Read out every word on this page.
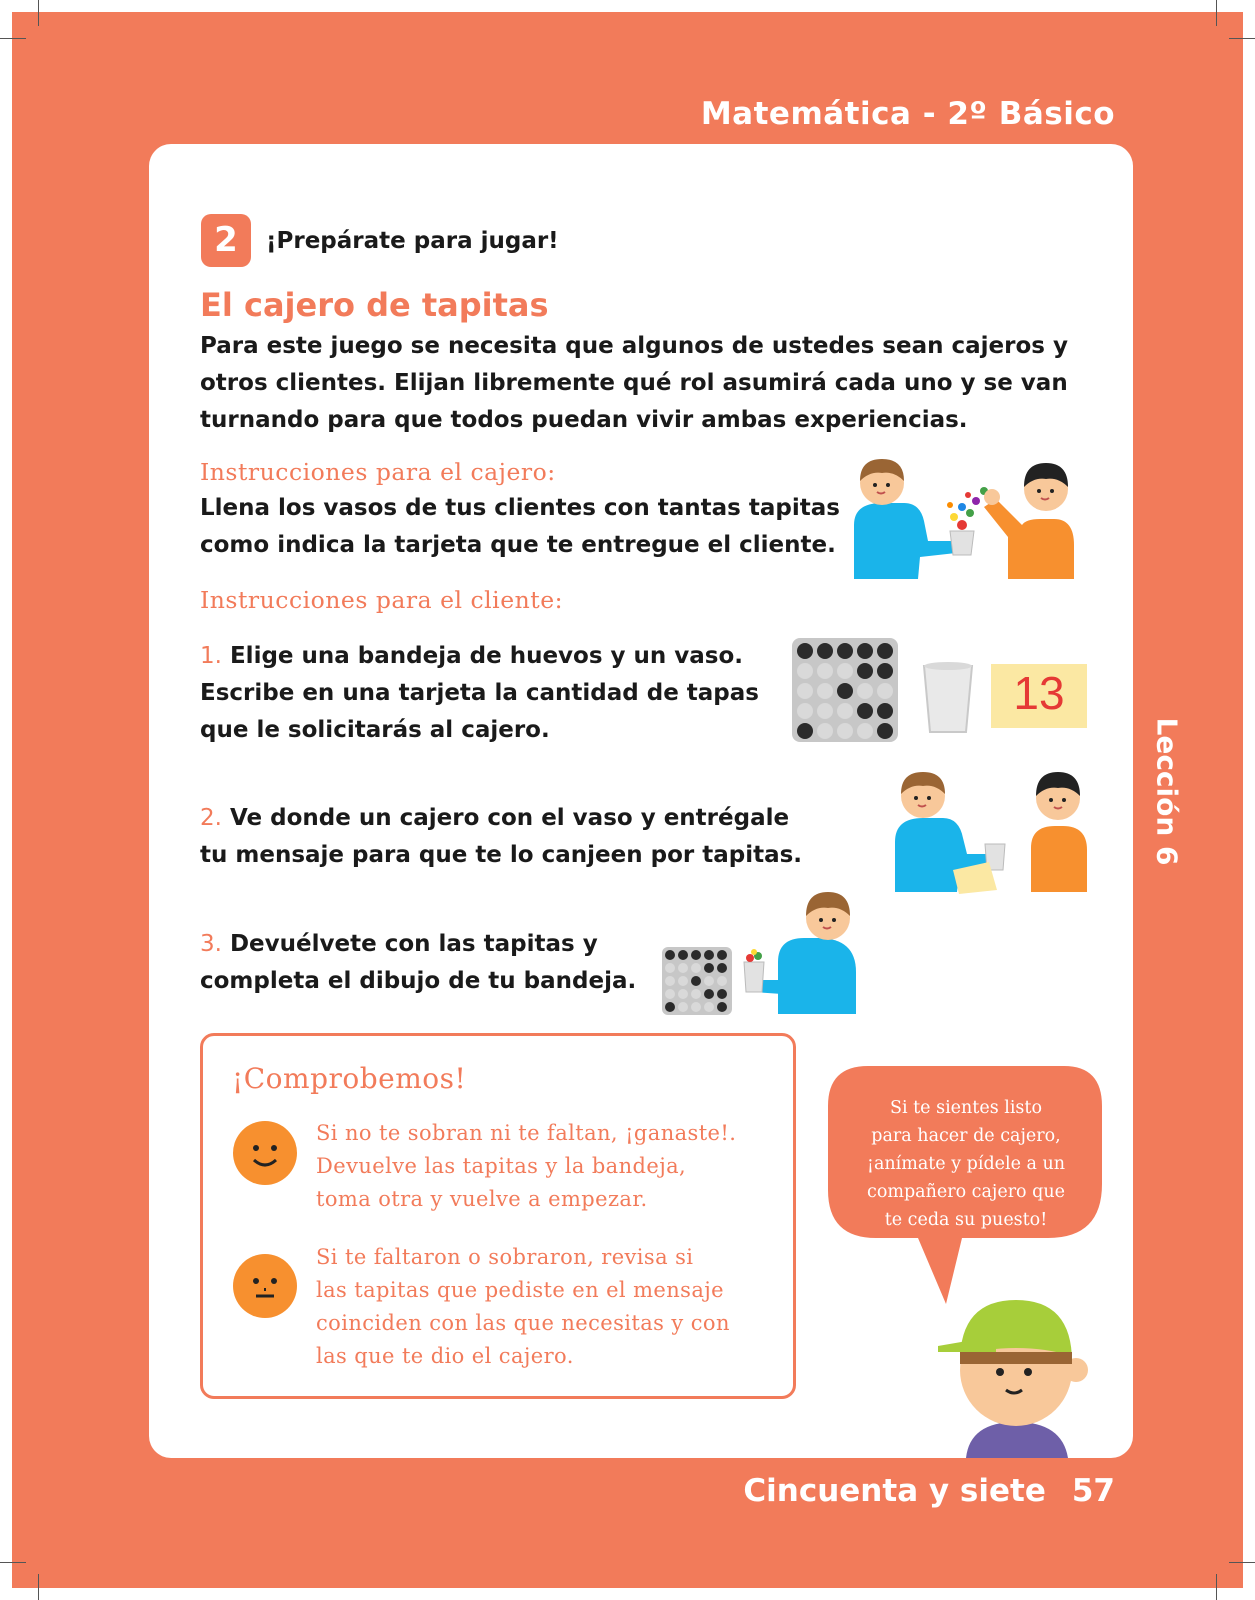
Matemática - 2º Básico
Lección 6
2	¡Prepárate para jugar!
El cajero de tapitas
Para este juego se necesita que algunos de ustedes sean cajeros y otros clientes. Elijan libremente qué rol asumirá cada uno y se van turnando para que todos puedan vivir ambas experiencias.
Instrucciones para el cajero:
Llena los vasos de tus clientes con tantas tapitas
como indica la tarjeta que te entregue el cliente.
Instrucciones para el cliente:
1. Elige una bandeja de huevos y un vaso.
Escribe en una tarjeta la cantidad de tapas
que le solicitarás al cajero.
2. Ve donde un cajero con el vaso y entrégale
tu mensaje para que te lo canjeen por tapitas.
3. Devuélvete con las tapitas y
completa el dibujo de tu bandeja.
13
¡Comprobemos!
Si no te sobran ni te faltan, ¡ganaste!.
Devuelve las tapitas y la bandeja,
toma otra y vuelve a empezar.
Si te faltaron o sobraron, revisa si
las tapitas que pediste en el mensaje
coinciden con las que necesitas y con
las que te dio el cajero.
Si te sientes listo
para hacer de cajero,
¡anímate y pídele a un
compañero cajero que
te ceda su puesto!
Cincuenta y siete 57
